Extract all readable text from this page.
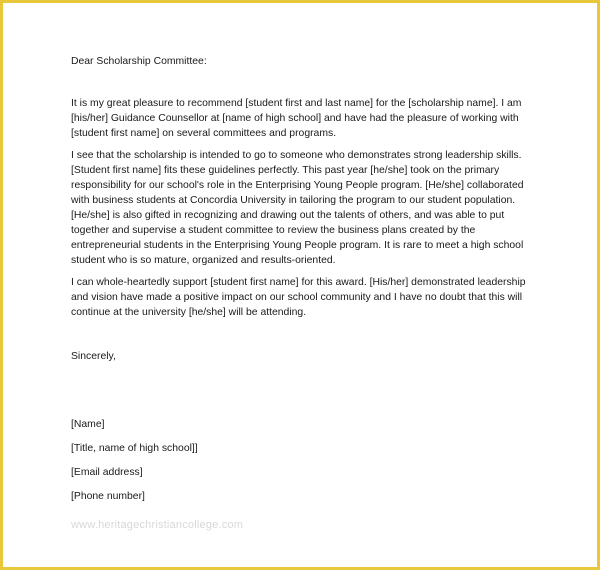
Dear Scholarship Committee:

It is my great pleasure to recommend [student first and last name] for the [scholarship name]. I am [his/her] Guidance Counsellor at [name of high school] and have had the pleasure of working with [student first name] on several committees and programs.

I see that the scholarship is intended to go to someone who demonstrates strong leadership skills. [Student first name] fits these guidelines perfectly. This past year [he/she] took on the primary responsibility for our school's role in the Enterprising Young People program. [He/she] collaborated with business students at Concordia University in tailoring the program to our student population. [He/she] is also gifted in recognizing and drawing out the talents of others, and was able to put together and supervise a student committee to review the business plans created by the entrepreneurial students in the Enterprising Young People program. It is rare to meet a high school student who is so mature, organized and results-oriented.

I can whole-heartedly support [student first name] for this award. [His/her] demonstrated leadership and vision have made a positive impact on our school community and I have no doubt that this will continue at the university [he/she] will be attending.

Sincerely,

[Name]

[Title, name of high school]]

[Email address]

[Phone number]

www.heritagechristiancollege.com
